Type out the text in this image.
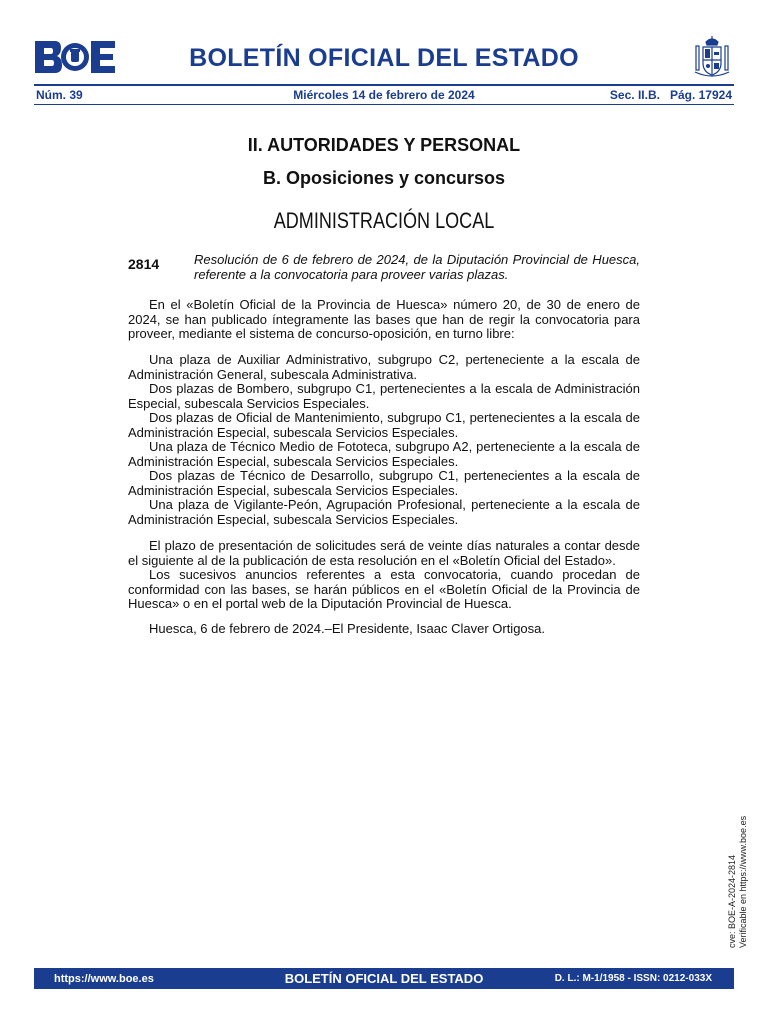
BOLETÍN OFICIAL DEL ESTADO
Núm. 39	Miércoles 14 de febrero de 2024	Sec. II.B. Pág. 17924
II. AUTORIDADES Y PERSONAL
B. Oposiciones y concursos
ADMINISTRACIÓN LOCAL
2814	Resolución de 6 de febrero de 2024, de la Diputación Provincial de Huesca, referente a la convocatoria para proveer varias plazas.

En el «Boletín Oficial de la Provincia de Huesca» número 20, de 30 de enero de 2024, se han publicado íntegramente las bases que han de regir la convocatoria para proveer, mediante el sistema de concurso-oposición, en turno libre:

Una plaza de Auxiliar Administrativo, subgrupo C2, perteneciente a la escala de Administración General, subescala Administrativa.

Dos plazas de Bombero, subgrupo C1, pertenecientes a la escala de Administración Especial, subescala Servicios Especiales.

Dos plazas de Oficial de Mantenimiento, subgrupo C1, pertenecientes a la escala de Administración Especial, subescala Servicios Especiales.

Una plaza de Técnico Medio de Fototeca, subgrupo A2, perteneciente a la escala de Administración Especial, subescala Servicios Especiales.

Dos plazas de Técnico de Desarrollo, subgrupo C1, pertenecientes a la escala de Administración Especial, subescala Servicios Especiales.

Una plaza de Vigilante-Peón, Agrupación Profesional, perteneciente a la escala de Administración Especial, subescala Servicios Especiales.

El plazo de presentación de solicitudes será de veinte días naturales a contar desde el siguiente al de la publicación de esta resolución en el «Boletín Oficial del Estado».

Los sucesivos anuncios referentes a esta convocatoria, cuando procedan de conformidad con las bases, se harán públicos en el «Boletín Oficial de la Provincia de Huesca» o en el portal web de la Diputación Provincial de Huesca.

Huesca, 6 de febrero de 2024.–El Presidente, Isaac Claver Ortigosa.

cve: BOE-A-2024-2814 Verificable en https://www.boe.es
https://www.boe.es	BOLETÍN OFICIAL DEL ESTADO	D. L.: M-1/1958 - ISSN: 0212-033X
